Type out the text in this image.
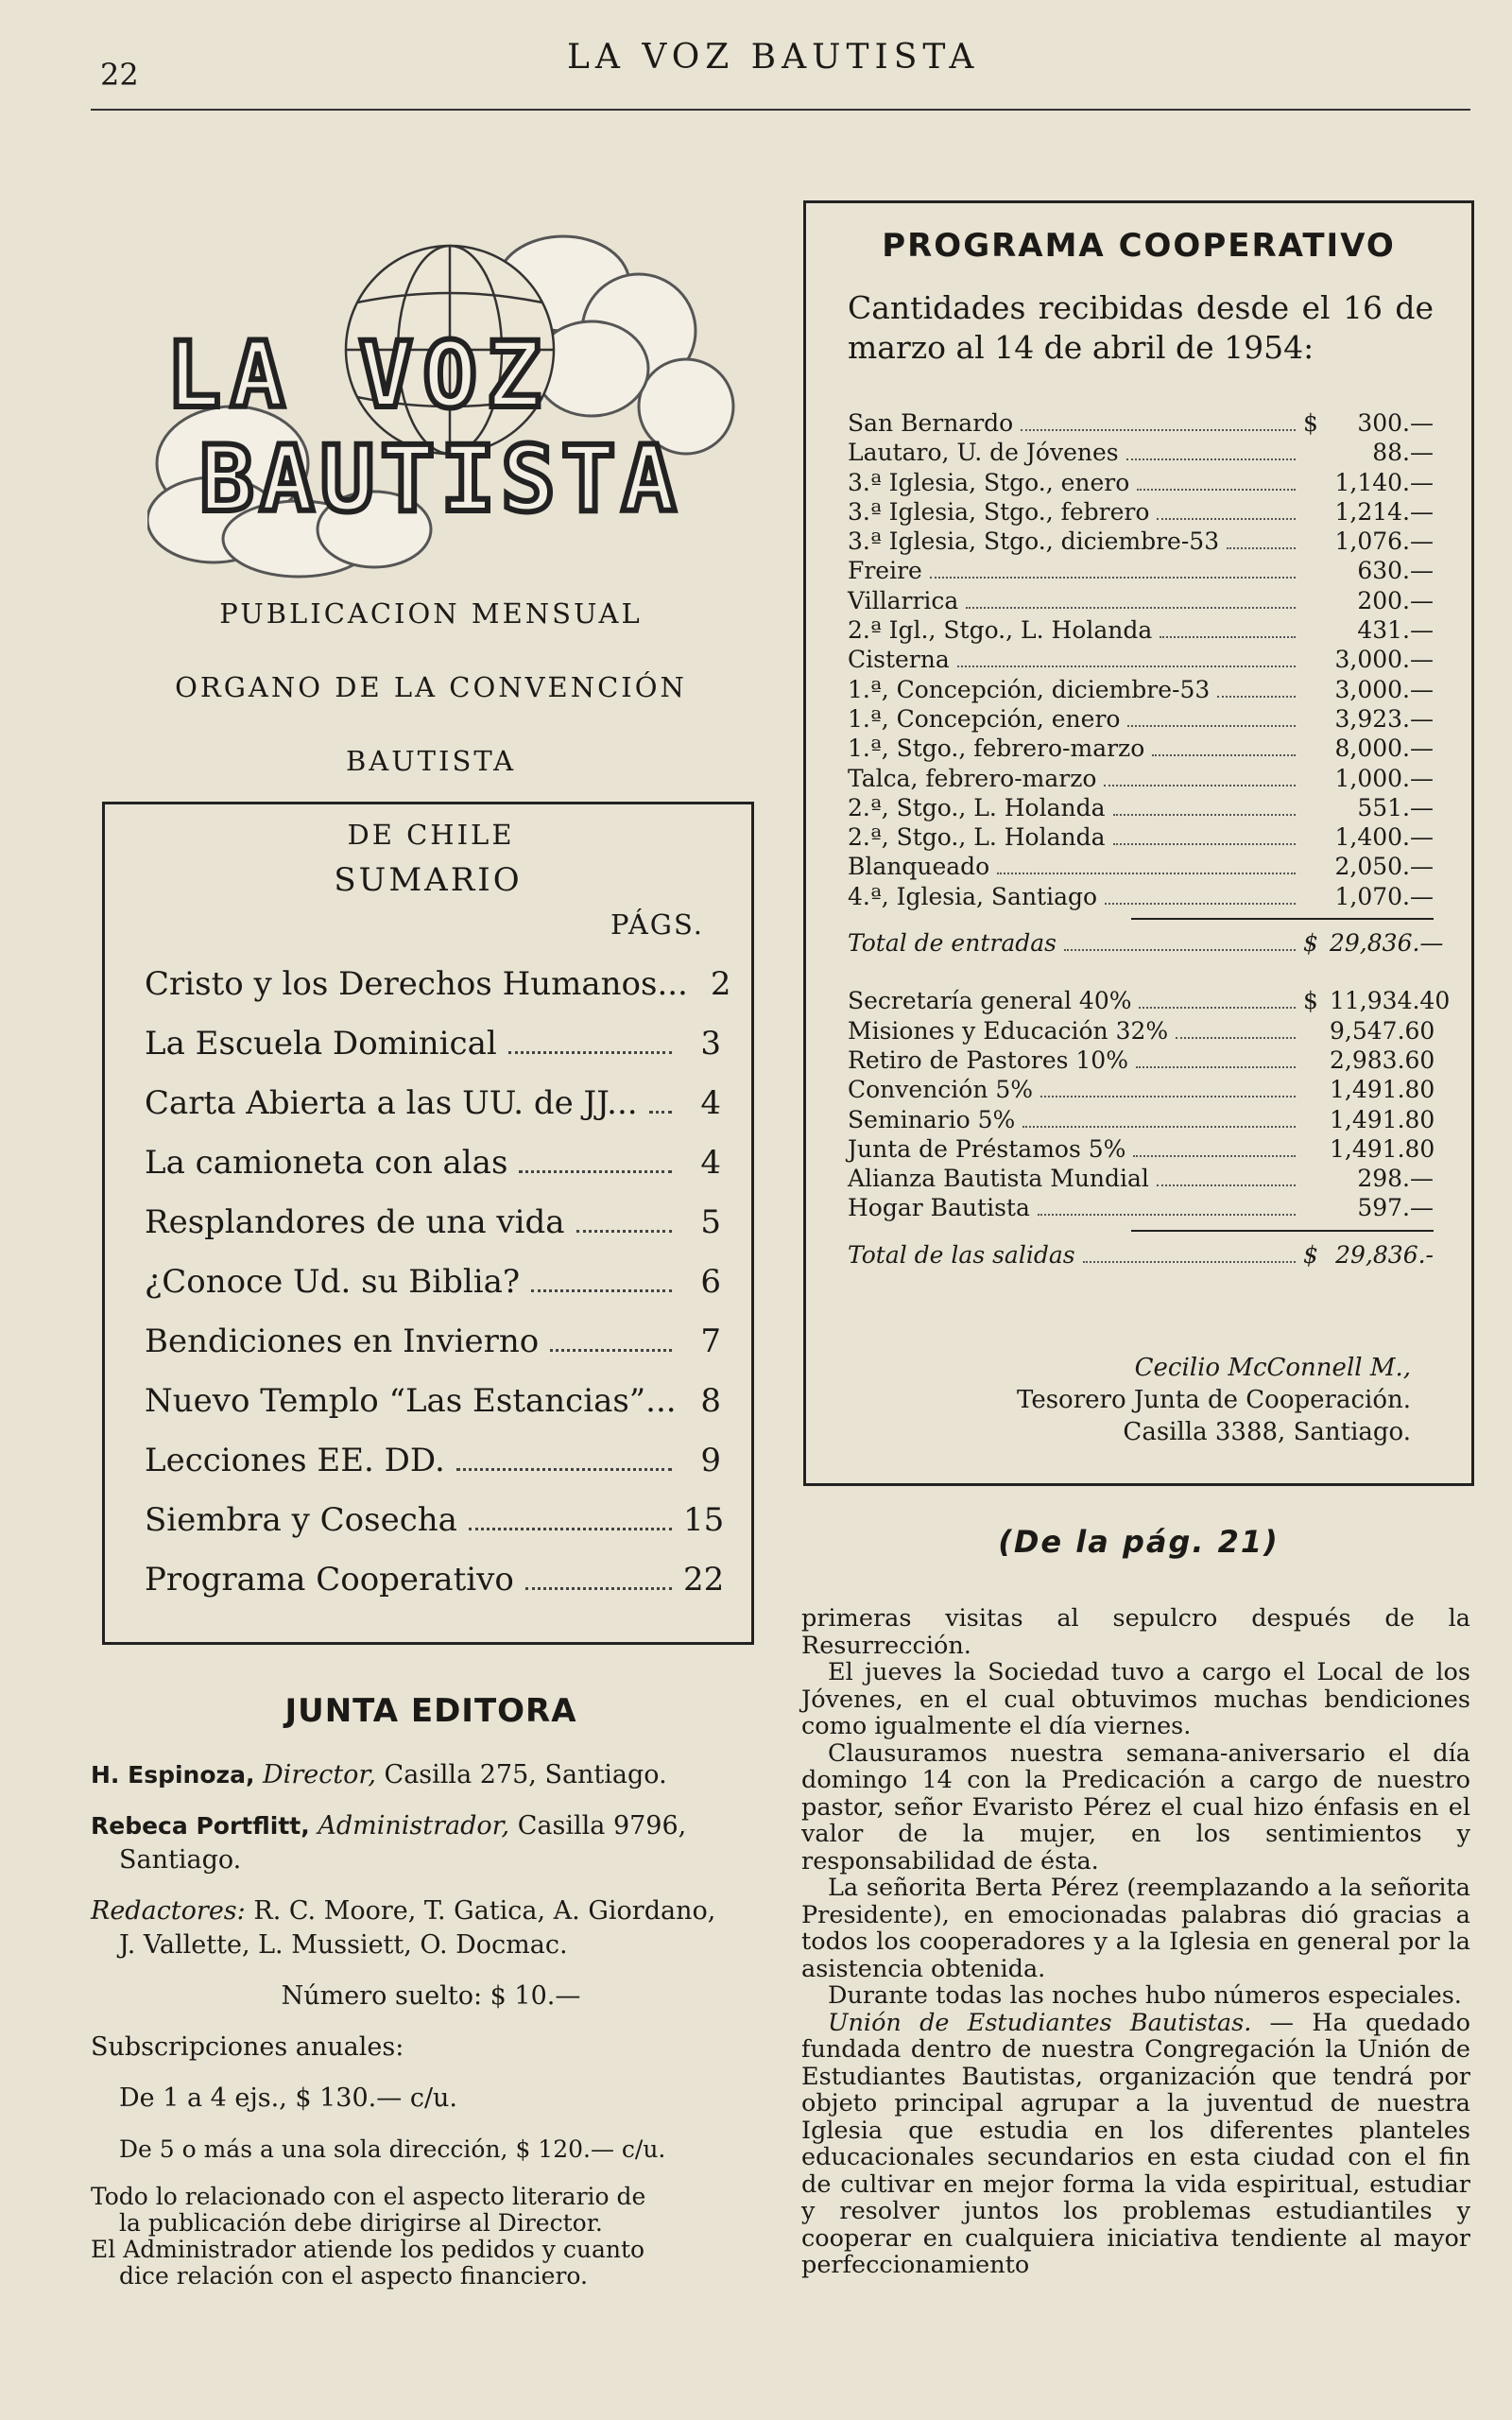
22	LA VOZ BAUTISTA
LA VOZ
BAUTISTA
PUBLICACION MENSUAL
ORGANO DE LA CONVENCIÓN BAUTISTA
DE CHILE
SUMARIO
PÁGS.
Cristo y los Derechos Humanos... 2
La Escuela Dominical	3
Carta Abierta a las UU. de JJ...	4
La camioneta con alas	4
Resplandores de una vida	5
¿Conoce Ud. su Biblia?	6
Bendiciones en Invierno	7
Nuevo Templo “Las Estancias”... 8
Lecciones EE. DD.	9
Siembra y Cosecha	15
Programa Cooperativo	22
JUNTA EDITORA

H. Espinoza, Director, Casilla 275, Santiago.

Rebeca Portflitt, Administrador, Casilla 9796,
Santiago.

Redactores: R. C. Moore, T. Gatica, A. Giordano,
J. Vallette, L. Mussiett, O. Docmac.

Número suelto: $ 10.—

Subscripciones anuales:

De 1 a 4 ejs., $ 130.— c/u.

De 5 o más a una sola dirección, $ 120.— c/u.

Todo lo relacionado con el aspecto literario de

la publicación debe dirigirse al Director.

El Administrador atiende los pedidos y cuanto

dice relación con el aspecto financiero.

PROGRAMA COOPERATIVO
Cantidades recibidas desde el 16 de marzo al 14 de abril de 1954:
San Bernardo	$	300.—
Lautaro, U. de Jóvenes	88.—
3.ª Iglesia, Stgo., enero	1,140.—
3.ª Iglesia, Stgo., febrero	1,214.—
3.ª Iglesia, Stgo., diciembre-53	1,076.—
Freire	630.—
Villarrica	200.—
2.ª Igl., Stgo., L. Holanda	431.—
Cisterna	3,000.—
1.ª, Concepción, diciembre-53	3,000.—
1.ª, Concepción, enero	3,923.—
1.ª, Stgo., febrero-marzo	8,000.—
Talca, febrero-marzo	1,000.—
2.ª, Stgo., L. Holanda	551.—
2.ª, Stgo., L. Holanda	1,400.—
Blanqueado	2,050.—
4.ª, Iglesia, Santiago	1,070.—
Total de entradas	$ 29,836.—
Secretaría general 40%	$ 11,934.40
Misiones y Educación 32%	9,547.60
Retiro de Pastores 10%	2,983.60
Convención 5%	1,491.80
Seminario 5%	1,491.80
Junta de Préstamos 5%	1,491.80
Alianza Bautista Mundial	298.—
Hogar Bautista	597.—
Total de las salidas	$ 29,836.-
Cecilio McConnell M.,
Tesorero Junta de Cooperación.
Casilla 3388, Santiago.
(De la pág. 21)

primeras visitas al sepulcro después de la Resurrección.

El jueves la Sociedad tuvo a cargo el Local de los Jóvenes, en el cual obtuvimos muchas bendiciones como igualmente el día viernes.

Clausuramos nuestra semana-aniversario el día domingo 14 con la Predicación a cargo de nuestro pastor, señor Evaristo Pérez el cual hizo énfasis en el valor de la mujer, en los sentimientos y responsabilidad de ésta.

La señorita Berta Pérez (reemplazando a la señorita Presidente), en emocionadas palabras dió gracias a todos los cooperadores y a la Iglesia en general por la asistencia obtenida.

Durante todas las noches hubo números especiales.

Unión de Estudiantes Bautistas. — Ha quedado fundada dentro de nuestra Congregación la Unión de Estudiantes Bautistas, organización que tendrá por objeto principal agrupar a la juventud de nuestra Iglesia que estudia en los diferentes planteles educacionales secundarios en esta ciudad con el fin de cultivar en mejor forma la vida espiritual, estudiar y resolver juntos los problemas estudiantiles y cooperar en cualquiera iniciativa tendiente al mayor perfeccionamiento
